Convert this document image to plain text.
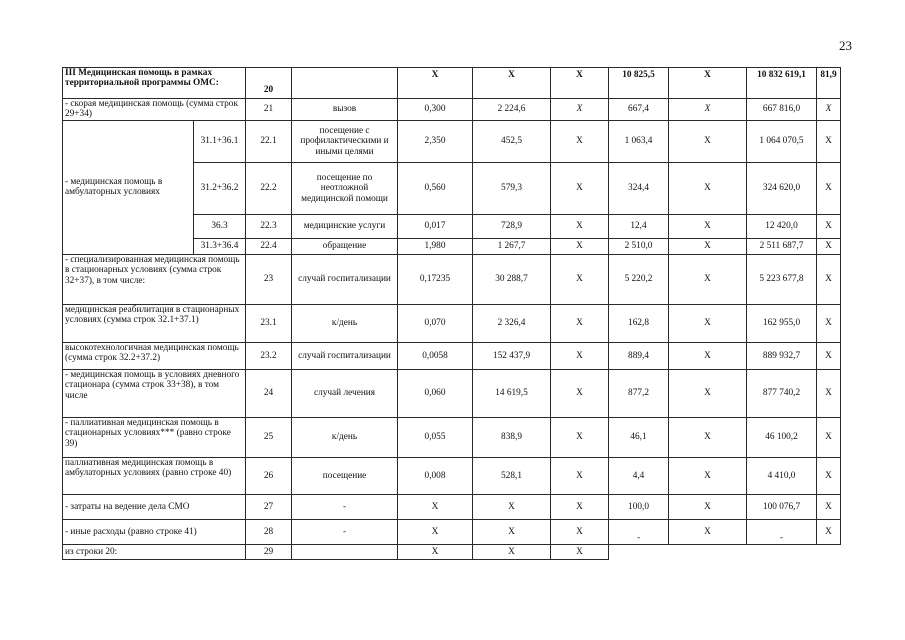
23
III Медицинская помощь в рамках территориальной программы ОМС:		20		X	X	X	10 825,5	X	10 832 619,1	81,9
- скорая медицинская помощь (сумма строк 29+34)		21	вызов	0,300	2 224,6	X	667,4	X	667 816,0	X
- медицинская помощь в амбулаторных условиях	31.1+36.1	22.1	посещение с профилактическими и иными целями	2,350	452,5	X	1 063,4	X	1 064 070,5	X
	31.2+36.2	22.2	посещение по неотложной медицинской помощи	0,560	579,3	X	324,4	X	324 620,0	X
	36.3	22.3	медицинские услуги	0,017	728,9	X	12,4	X	12 420,0	X
	31.3+36.4	22.4	обращение	1,980	1 267,7	X	2 510,0	X	2 511 687,7	X
- специализированная медицинская помощь в стационарных условиях (сумма строк 32+37), в том числе:		23	случай госпитализации	0,17235	30 288,7	X	5 220,2	X	5 223 677,8	X
медицинская реабилитация в стационарных условиях (сумма строк 32.1+37.1)		23.1	к/день	0,070	2 326,4	X	162,8	X	162 955,0	X
высокотехнологичная медицинская помощь (сумма строк 32.2+37.2)		23.2	случай госпитализации	0,0058	152 437,9	X	889,4	X	889 932,7	X
- медицинская помощь в условиях дневного стационара (сумма строк 33+38), в том числе		24	случай лечения	0,060	14 619,5	X	877,2	X	877 740,2	X
- паллиативная медицинская помощь в стационарных условиях*** (равно строке 39)		25	к/день	0,055	838,9	X	46,1	X	46 100,2	X
паллиативная медицинская помощь в амбулаторных условиях (равно строке 40)		26	посещение	0,008	528,1	X	4,4	X	4 410,0	X
- затраты на ведение дела СМО		27	-	X	X	X	100,0	X	100 076,7	X
- иные расходы (равно строке 41)		28	-	X	X	X	-	X	-	X
из строки 20:		29		X	X	X				
